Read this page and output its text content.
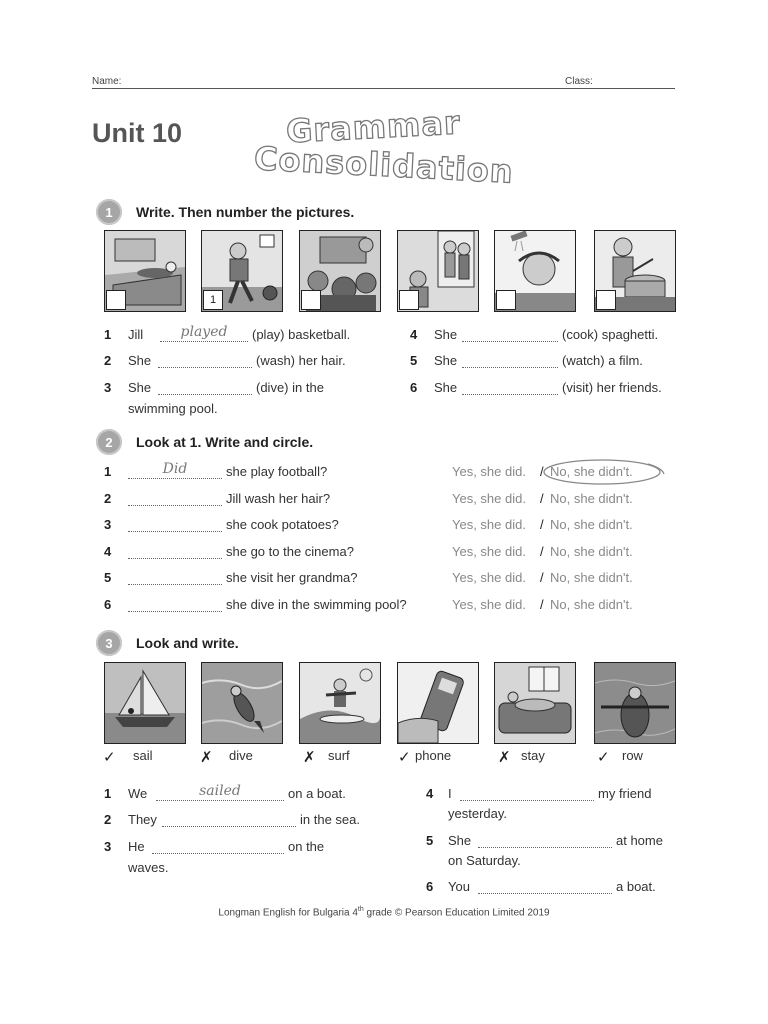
Name:	Class:
Unit 10	Grammar
Consolidation
1	Write. Then number the pictures.
1
1 Jill	played	(play) basketball.
2 She	(wash) her hair.
3 She	(dive) in the
swimming pool.
4 She	(cook) spaghetti.
5 She	(watch) a film.
6 She	(visit) her friends.
2	Look at 1. Write and circle.
1	Did	she play football?	Yes, she did. / No, she didn't.
2	Jill wash her hair?	Yes, she did. / No, she didn't.
3	she cook potatoes?	Yes, she did. / No, she didn't.
4	she go to the cinema?	Yes, she did. / No, she didn't.
5	she visit her grandma?	Yes, she did. / No, she didn't.
6	she dive in the swimming pool?	Yes, she did. / No, she didn't.
3	Look and write.
✓ sail	✗ dive	✗ surf	✓ phone	✗ stay	✓ row
1 We	sailed	on a boat.
2 They	in the sea.
3 He	on the
waves.
4 I	my friend
yesterday.
5 She	at home
on Saturday.
6 You	a boat.
Longman English for Bulgaria 4th grade © Pearson Education Limited 2019
